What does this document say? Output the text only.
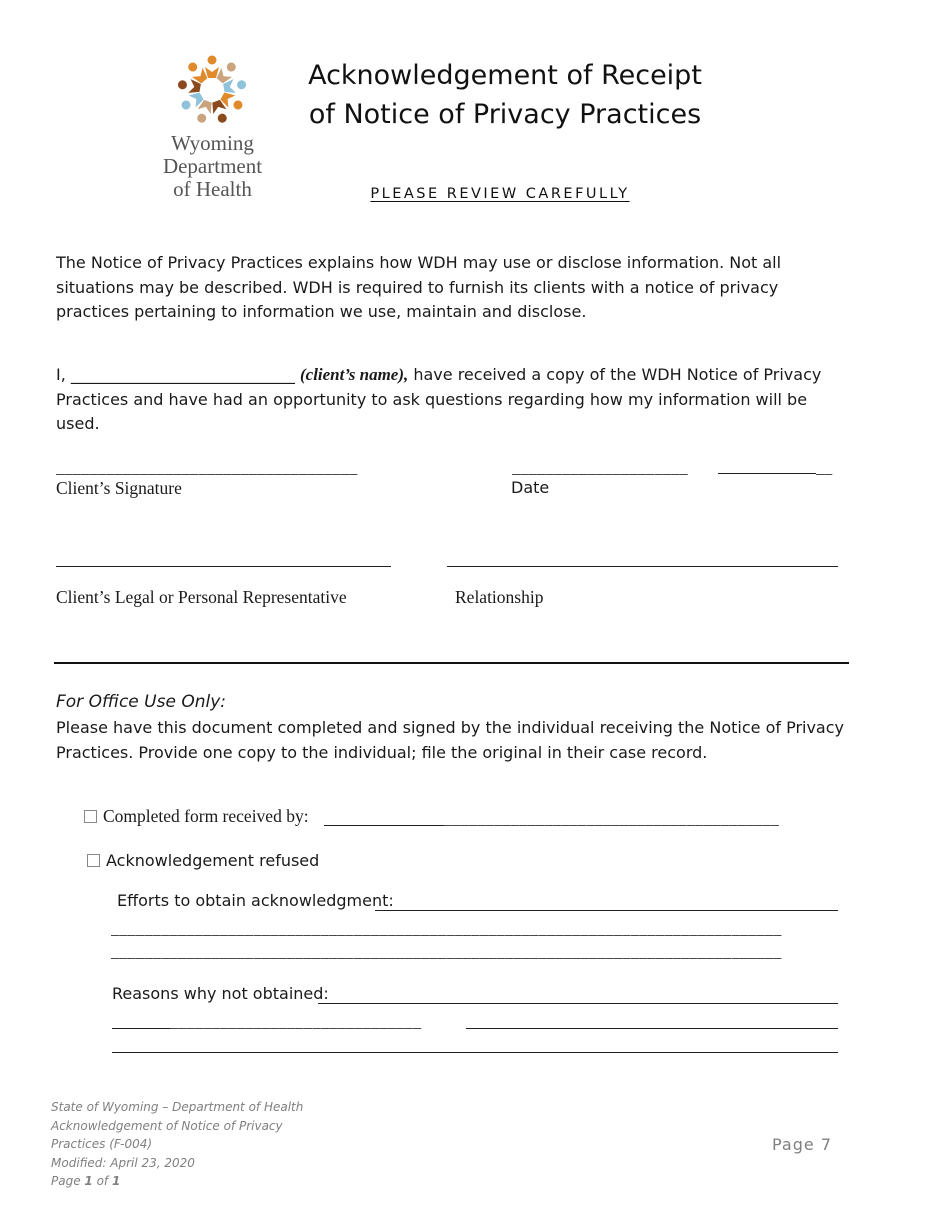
Wyoming
Department
of Health
Acknowledgement of Receipt
of Notice of Privacy Practices
PLEASE REVIEW CAREFULLY
The Notice of Privacy Practices explains how WDH may use or disclose information. Not all situations may be described. WDH is required to furnish its clients with a notice of privacy practices pertaining to information we use, maintain and disclose.
I, ____________________________ (client’s name), have received a copy of the WDH Notice of Privacy Practices and have had an opportunity to ask questions regarding how my information will be used.
____________________________________	_____________________	__
Client’s Signature	Date
Client’s Legal or Personal Representative	Relationship
For Office Use Only:
Please have this document completed and signed by the individual receiving the Notice of Privacy Practices. Provide one copy to the individual; file the original in their case record.
Completed form received by:	________________________________________
Acknowledgement refused
Efforts to obtain acknowledgment:
________________________________________________________________________________
________________________________________________________________________________
Reasons why not obtained:
______________________________
State of Wyoming – Department of Health
Acknowledgement of Notice of Privacy
Practices (F-004)
Modified: April 23, 2020
Page 1 of 1
Page 7
